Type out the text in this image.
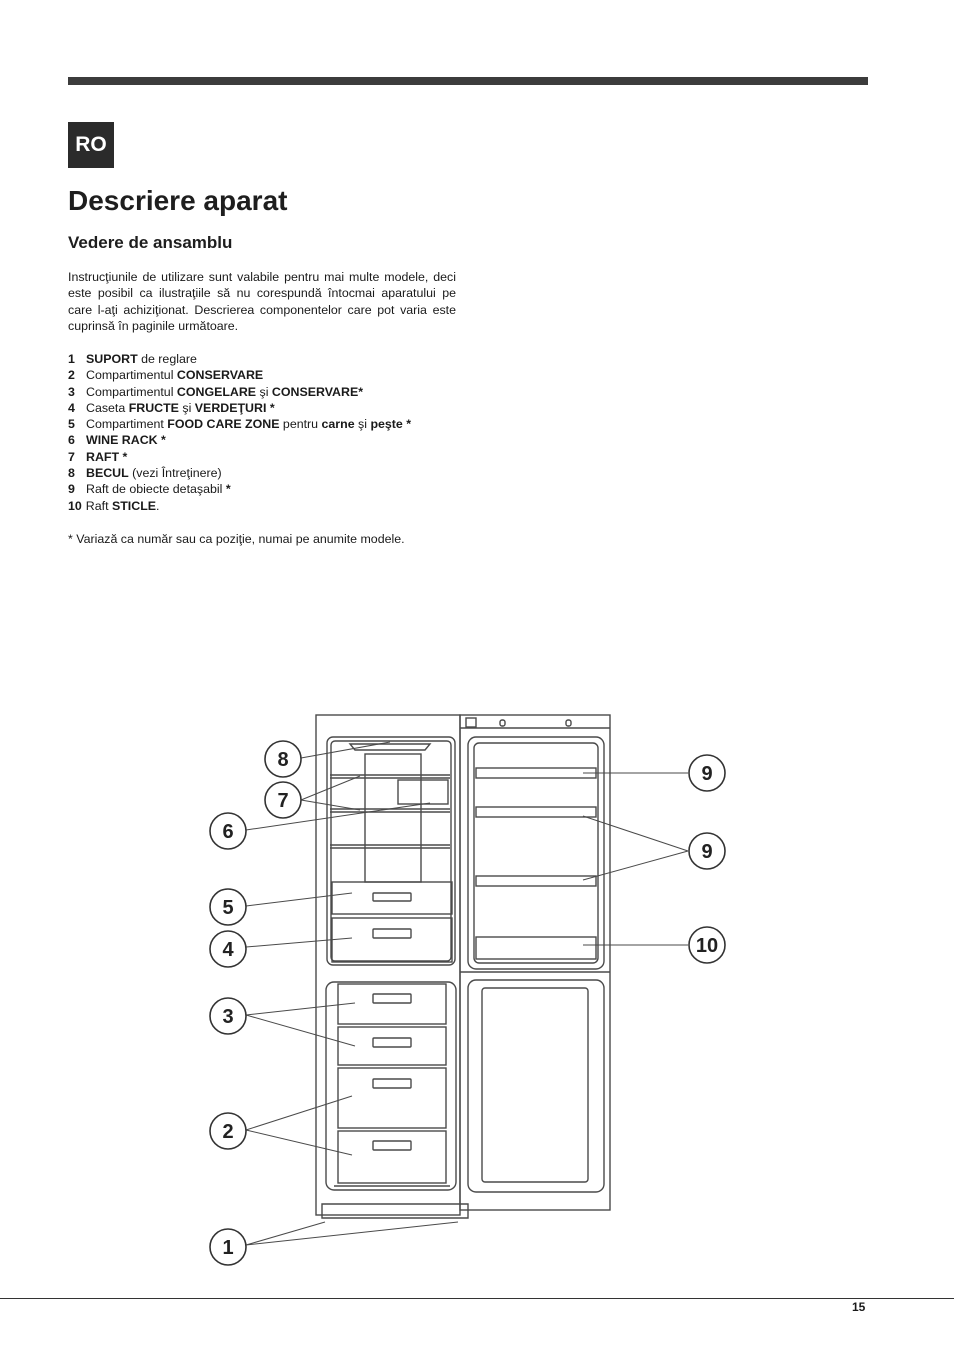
RO
Descriere aparat
Vedere de ansamblu

Instrucţiunile de utilizare sunt valabile pentru mai multe modele, deci este posibil ca ilustraţiile să nu corespundă întocmai aparatului pe care l-aţi achiziţionat. Descrierea componentelor care pot varia este cuprinsă în paginile următoare.

1 SUPORT de reglare
2 Compartimentul CONSERVARE
3 Compartimentul CONGELARE şi CONSERVARE*
4 Caseta FRUCTE şi VERDEŢURI *
5 Compartiment FOOD CARE ZONE pentru carne şi peşte *
6 WINE RACK *
7 RAFT *
8 BECUL (vezi Întreţinere)
9 Raft de obiecte detaşabil *
10 Raft STICLE.

* Variază ca număr sau ca poziţie, numai pe anumite modele.

8
7
6
5
4
3
2
1
9
9
10
15
